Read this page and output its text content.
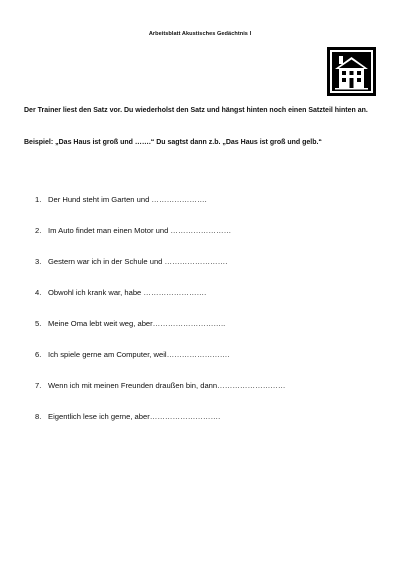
Arbeitsblatt Akustisches Gedächtnis I
Der Trainer liest den Satz vor. Du wiederholst den Satz und hängst hinten noch einen Satzteil hinten an.
Beispiel: „Das Haus ist groß und …….“ Du sagtst dann z.b. „Das Haus ist groß und gelb.“
1. Der Hund steht im Garten und ………………….
2. Im Auto findet man einen Motor und ……………………
3. Gestern war ich in der Schule und …………………….
4. Obwohl ich krank war, habe …………………….
5. Meine Oma lebt weit weg, aber………………………..
6. Ich spiele gerne am Computer, weil…………………….
7. Wenn ich mit meinen Freunden draußen bin, dann………………………
8. Eigentlich lese ich gerne, aber……………………….
